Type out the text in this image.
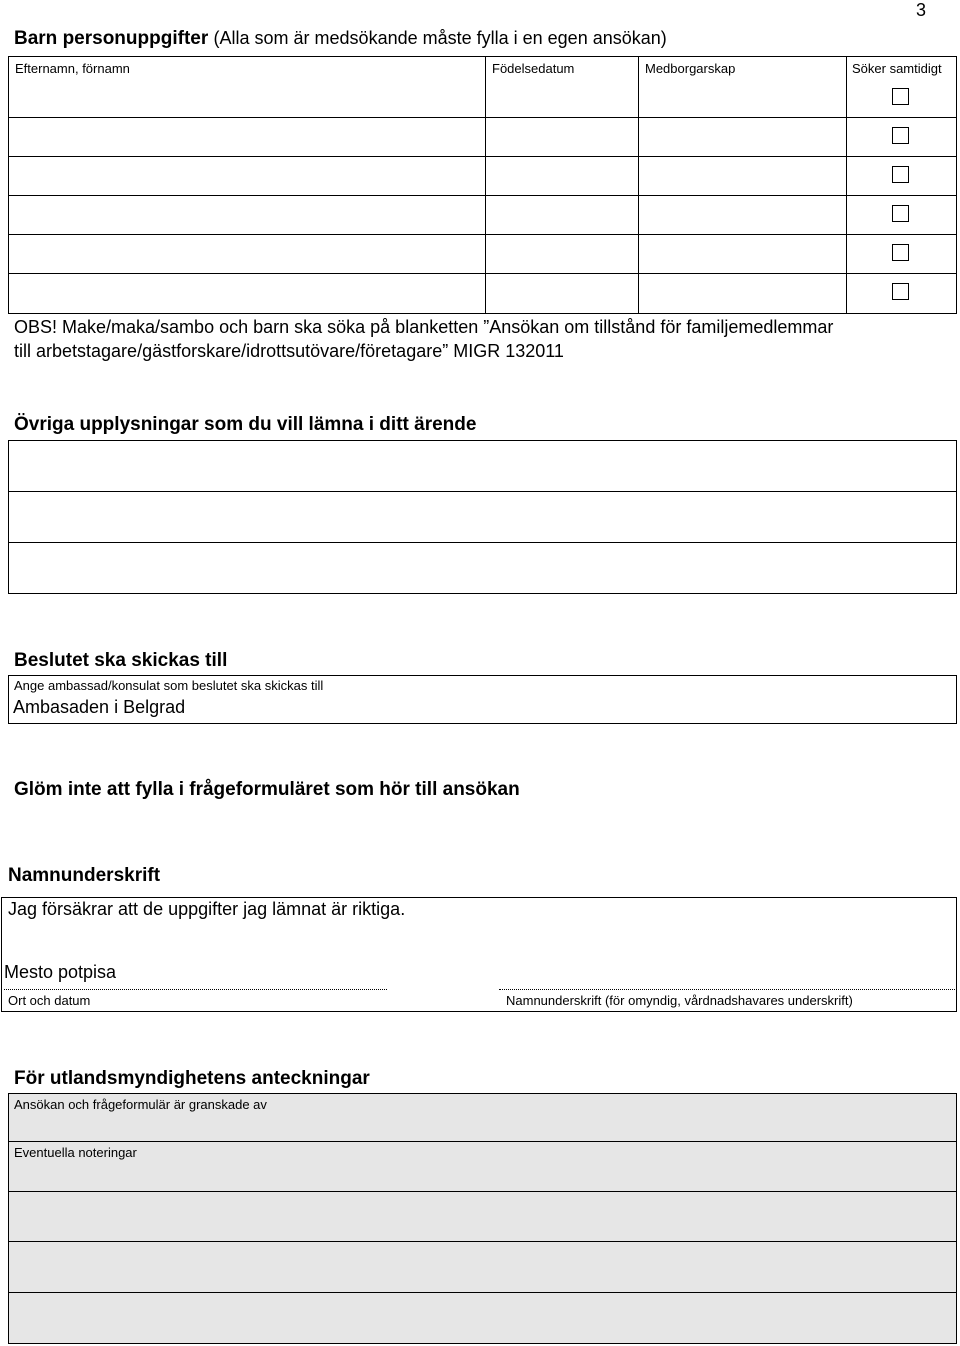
3
Barn personuppgifter (Alla som är medsökande måste fylla i en egen ansökan)
Efternamn, förnamn	Födelsedatum	Medborgarskap	Söker samtidigt
OBS! Make/maka/sambo och barn ska söka på blanketten ”Ansökan om tillstånd för familjemedlemmar
till arbetstagare/gästforskare/idrottsutövare/företagare” MIGR 132011
Övriga upplysningar som du vill lämna i ditt ärende
Beslutet ska skickas till
Ange ambassad/konsulat som beslutet ska skickas till
Ambasaden i Belgrad
Glöm inte att fylla i frågeformuläret som hör till ansökan
Namnunderskrift
Jag försäkrar att de uppgifter jag lämnat är riktiga.
Mesto potpisa
Ort och datum	Namnunderskrift (för omyndig, vårdnadshavares underskrift)
För utlandsmyndighetens anteckningar
Ansökan och frågeformulär är granskade av
Eventuella noteringar
